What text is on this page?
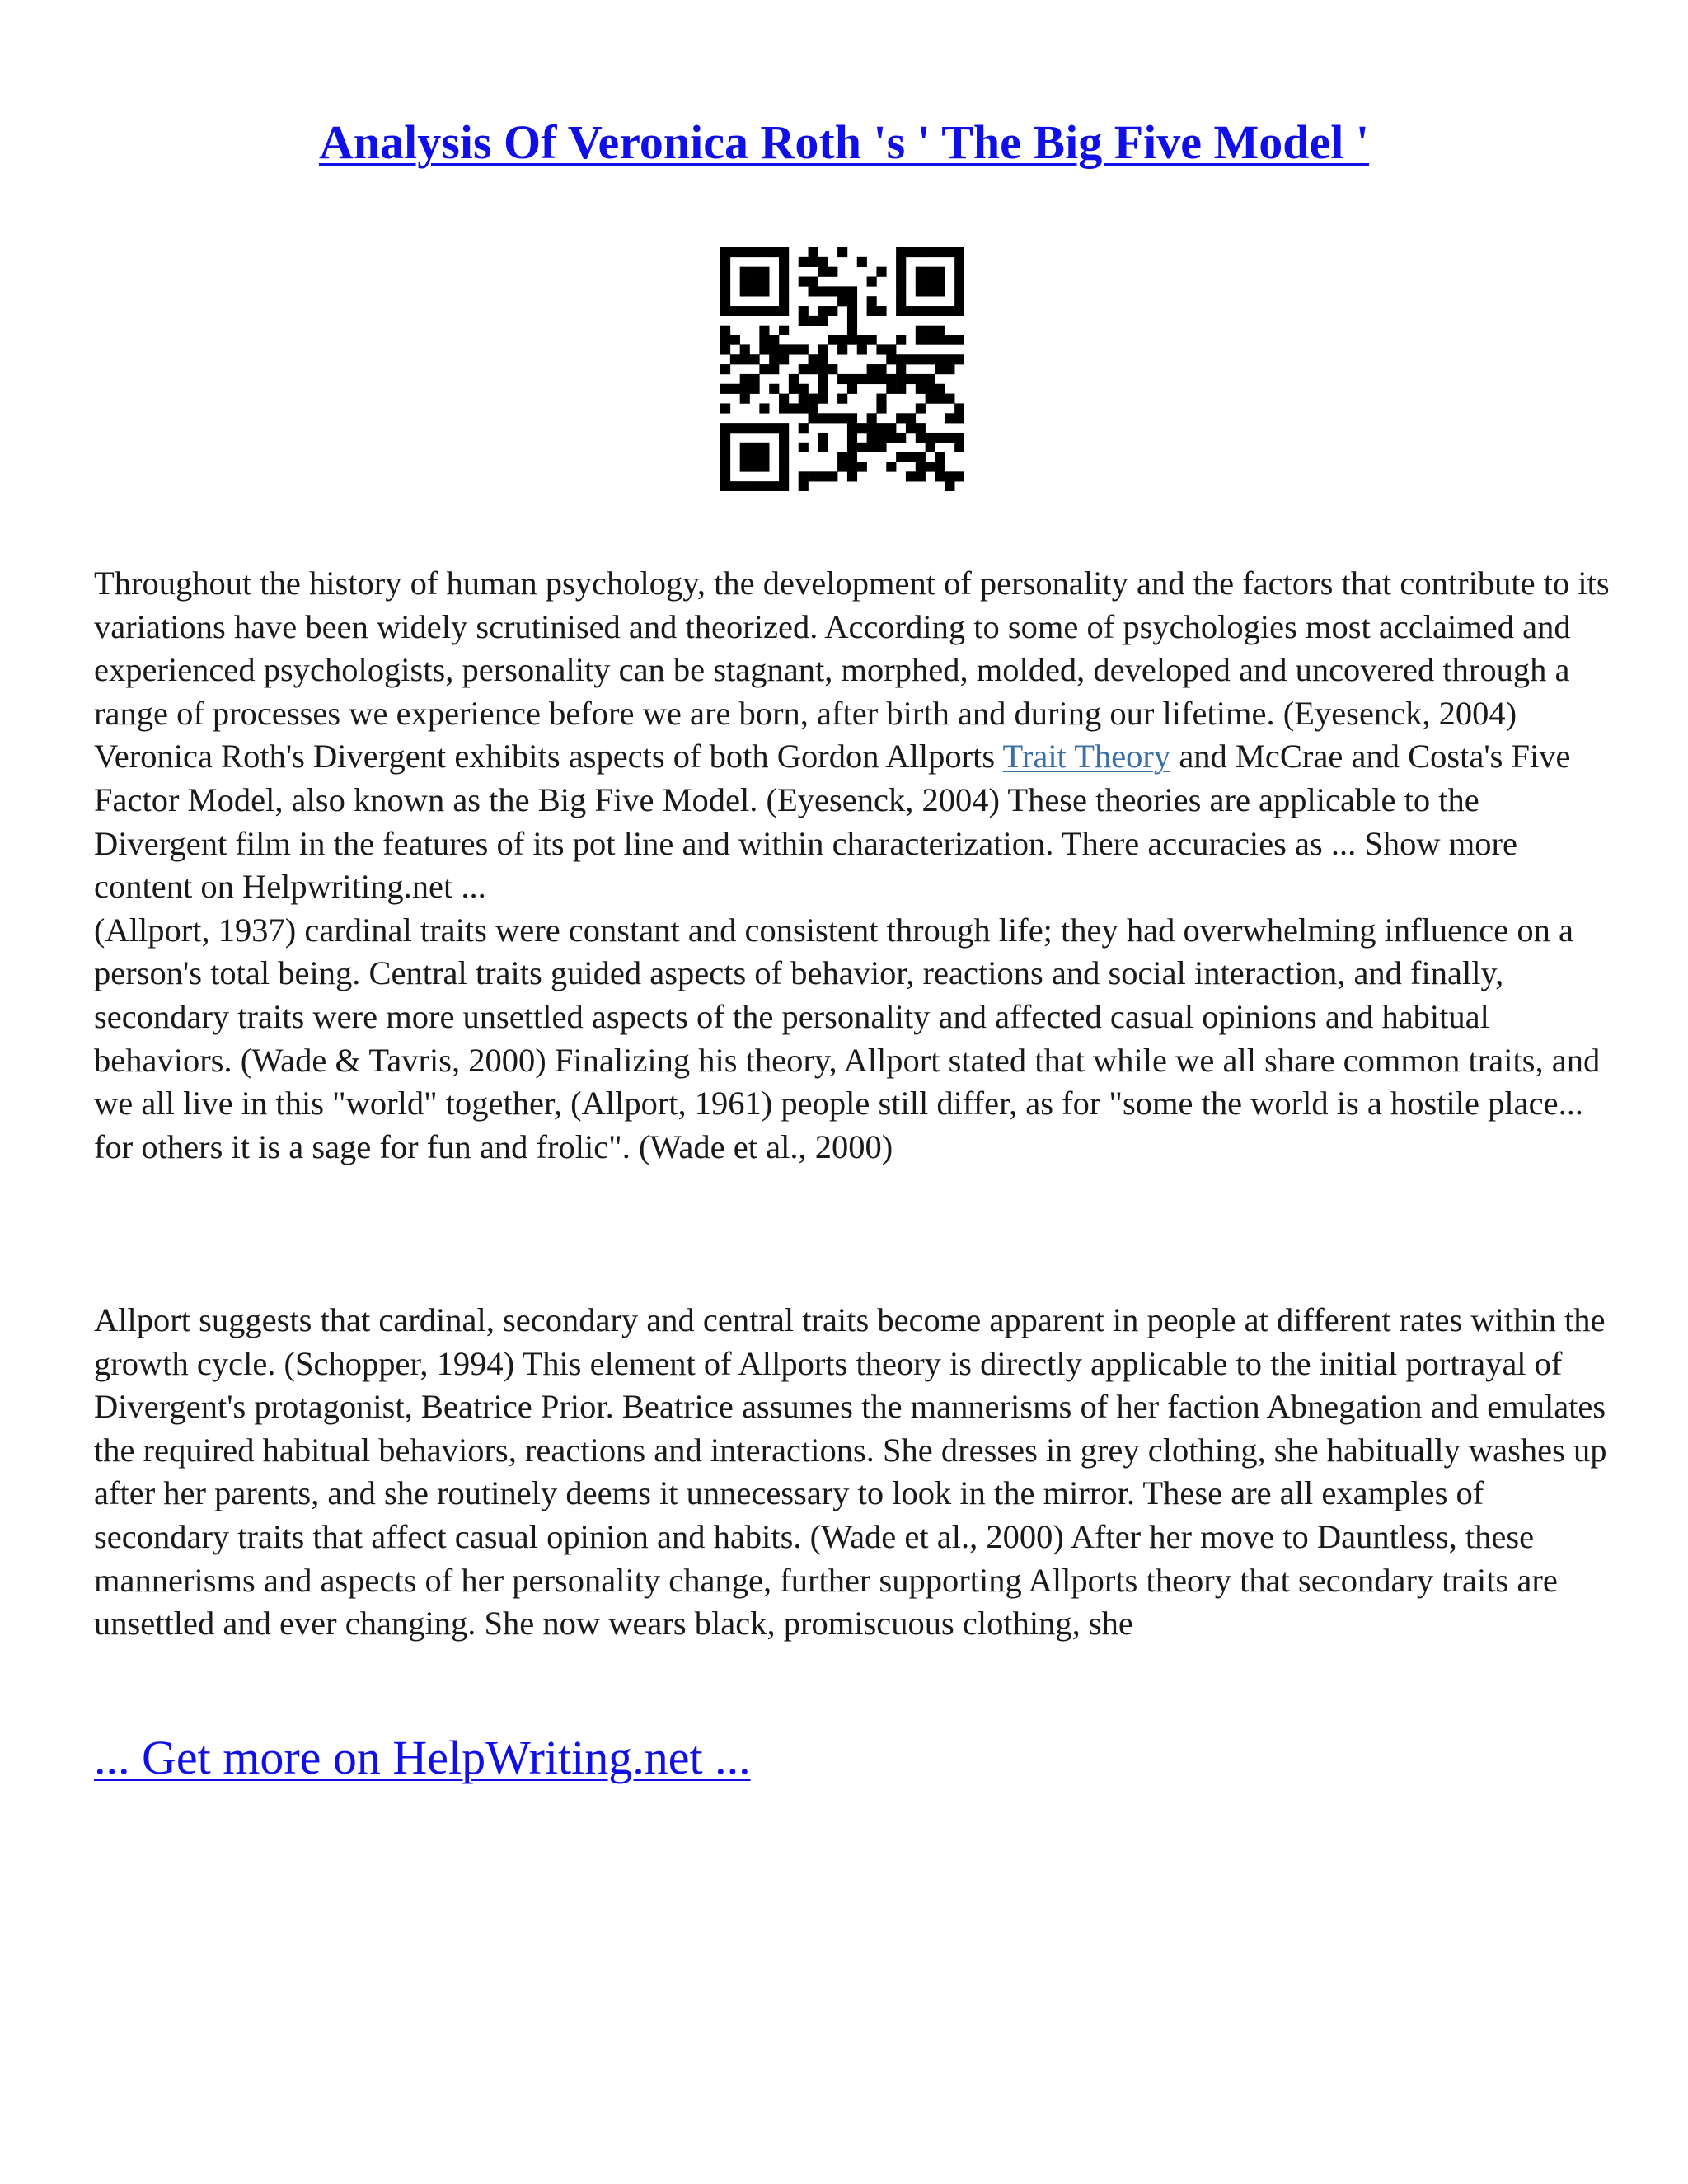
Analysis Of Veronica Roth 's ' The Big Five Model '

Throughout the history of human psychology, the development of personality and the factors that contribute to its variations have been widely scrutinised and theorized. According to some of psychologies most acclaimed and experienced psychologists, personality can be stagnant, morphed, molded, developed and uncovered through a range of processes we experience before we are born, after birth and during our lifetime. (Eyesenck, 2004) Veronica Roth's Divergent exhibits aspects of both Gordon Allports Trait Theory and McCrae and Costa's Five Factor Model, also known as the Big Five Model. (Eyesenck, 2004) These theories are applicable to the Divergent film in the features of its pot line and within characterization. There accuracies as ... Show more content on Helpwriting.net ...

(Allport, 1937) cardinal traits were constant and consistent through life; they had overwhelming influence on a person's total being. Central traits guided aspects of behavior, reactions and social interaction, and finally, secondary traits were more unsettled aspects of the personality and affected casual opinions and habitual behaviors. (Wade & Tavris, 2000) Finalizing his theory, Allport stated that while we all share common traits, and we all live in this "world" together, (Allport, 1961) people still differ, as for "some the world is a hostile place... for others it is a sage for fun and frolic". (Wade et al., 2000)

Allport suggests that cardinal, secondary and central traits become apparent in people at different rates within the growth cycle. (Schopper, 1994) This element of Allports theory is directly applicable to the initial portrayal of Divergent's protagonist, Beatrice Prior. Beatrice assumes the mannerisms of her faction Abnegation and emulates the required habitual behaviors, reactions and interactions. She dresses in grey clothing, she habitually washes up after her parents, and she routinely deems it unnecessary to look in the mirror. These are all examples of secondary traits that affect casual opinion and habits. (Wade et al., 2000) After her move to Dauntless, these mannerisms and aspects of her personality change, further supporting Allports theory that secondary traits are unsettled and ever changing. She now wears black, promiscuous clothing, she

... Get more on HelpWriting.net ...
